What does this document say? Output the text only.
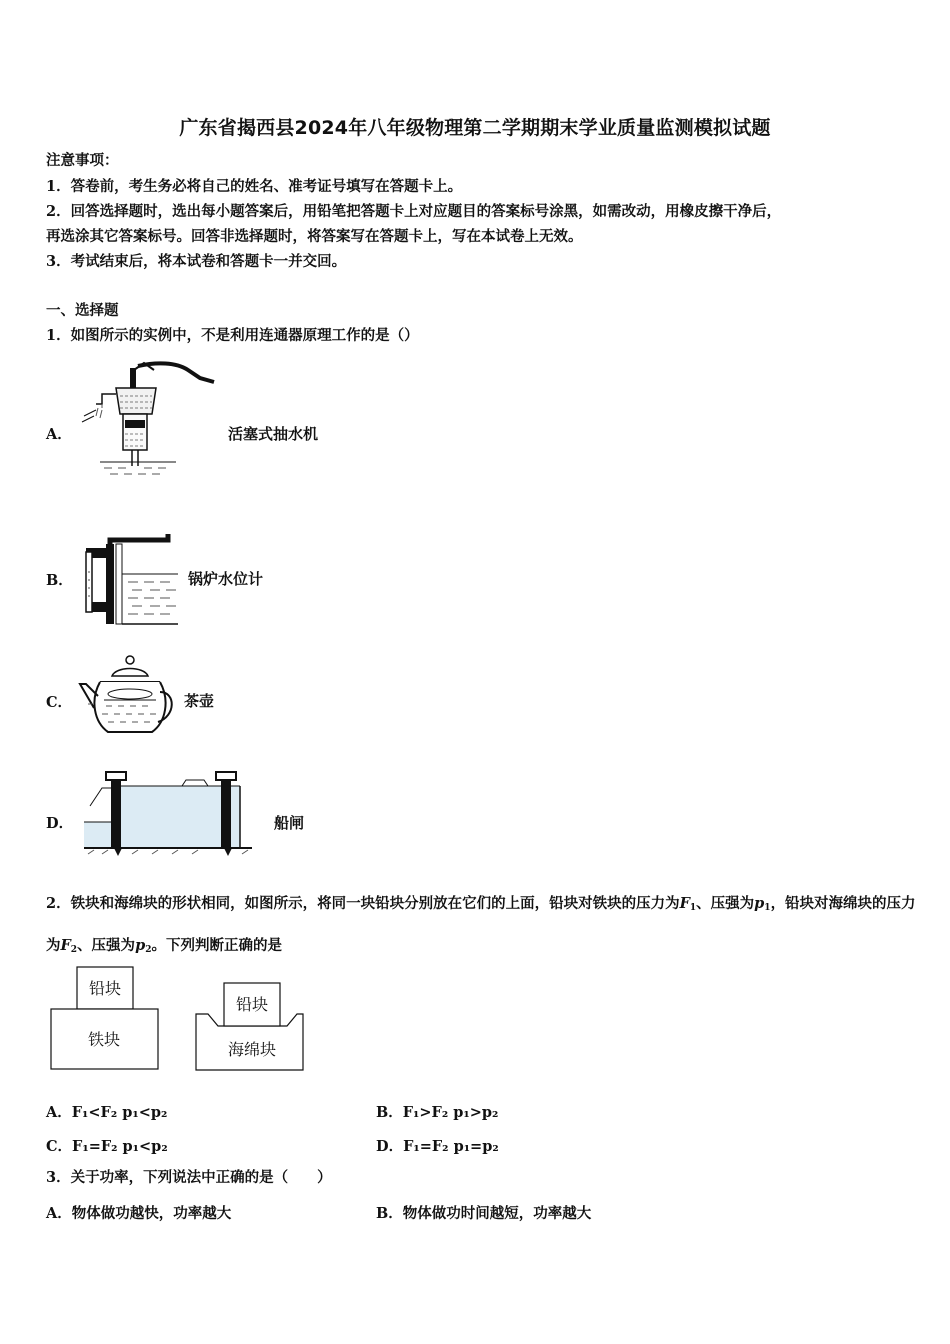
广东省揭西县2024年八年级物理第二学期期末学业质量监测模拟试题
注意事项：
1．答卷前，考生务必将自己的姓名、准考证号填写在答题卡上。
2．回答选择题时，选出每小题答案后，用铅笔把答题卡上对应题目的答案标号涂黑，如需改动，用橡皮擦干净后，
再选涂其它答案标号。回答非选择题时，将答案写在答题卡上，写在本试卷上无效。
3．考试结束后，将本试卷和答题卡一并交回。
一、选择题
1．如图所示的实例中，不是利用连通器原理工作的是（）
A．	活塞式抽水机
B．	锅炉水位计
C．	茶壶
D．	船闸
2．铁块和海绵块的形状相同，如图所示，将同一块铅块分别放在它们的上面，铅块对铁块的压力为$F_1$、压强为$p_1$，铅块对海绵块的压力为$F_2$、压强为$p_2$。下列判断正确的是
铅块
铁块
铅块
海绵块
A．F₁<F₂ p₁<p₂	B．F₁>F₂ p₁>p₂
C．F₁=F₂ p₁<p₂	D．F₁=F₂ p₁=p₂
3．关于功率，下列说法中正确的是（　　）
A．物体做功越快，功率越大	B．物体做功时间越短，功率越大
